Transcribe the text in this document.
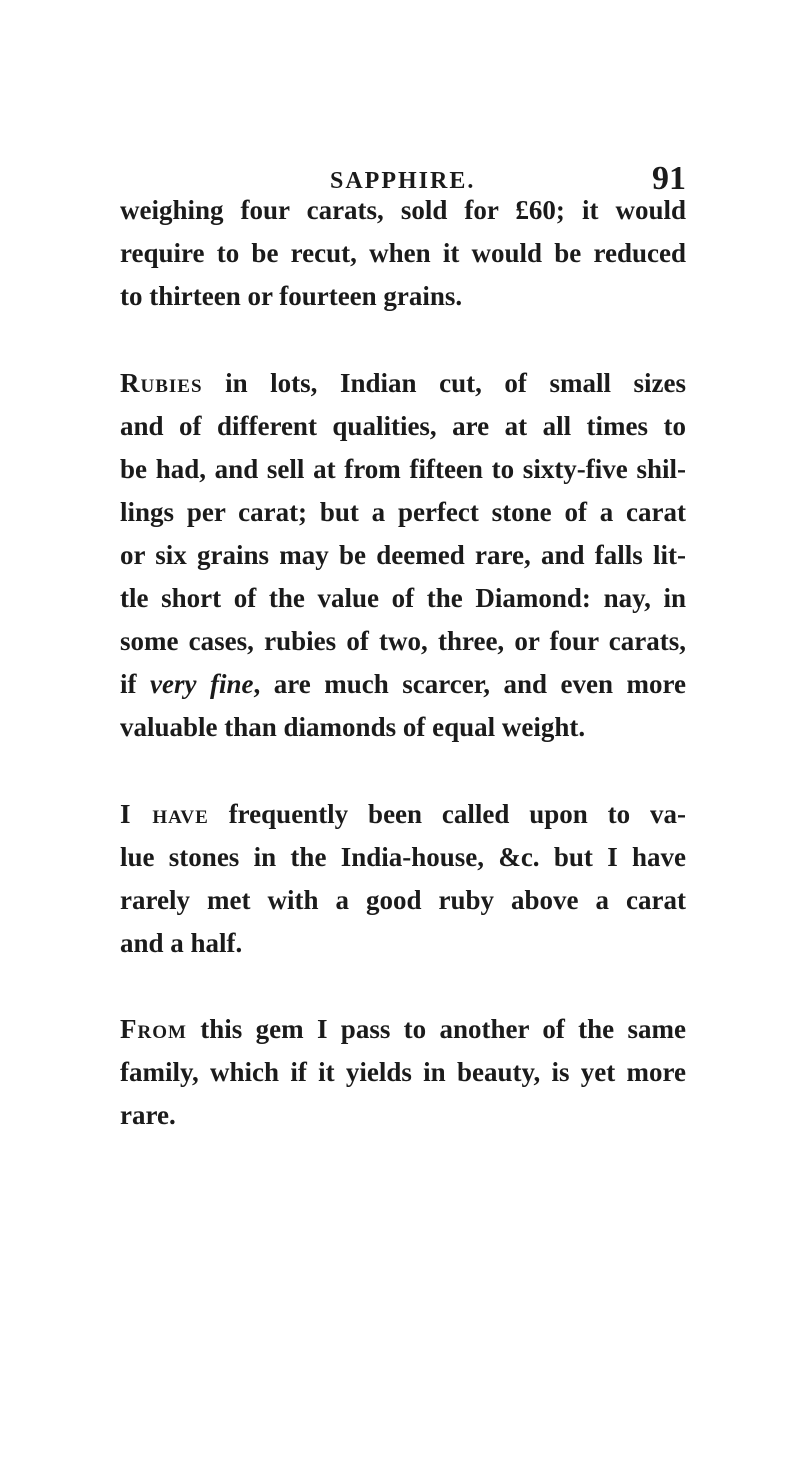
SAPPHIRE.	91
weighing four carats, sold for £60; it would
require to be recut, when it would be reduced
to thirteen or fourteen grains.
Rubies in lots, Indian cut, of small sizes
and of different qualities, are at all times to
be had, and sell at from fifteen to sixty-five shil-
lings per carat; but a perfect stone of a carat
or six grains may be deemed rare, and falls lit-
tle short of the value of the Diamond: nay, in
some cases, rubies of two, three, or four carats,
if very fine, are much scarcer, and even more
valuable than diamonds of equal weight.
I have frequently been called upon to va-
lue stones in the India-house, &c. but I have
rarely met with a good ruby above a carat
and a half.
From this gem I pass to another of the same
family, which if it yields in beauty, is yet more
rare.
